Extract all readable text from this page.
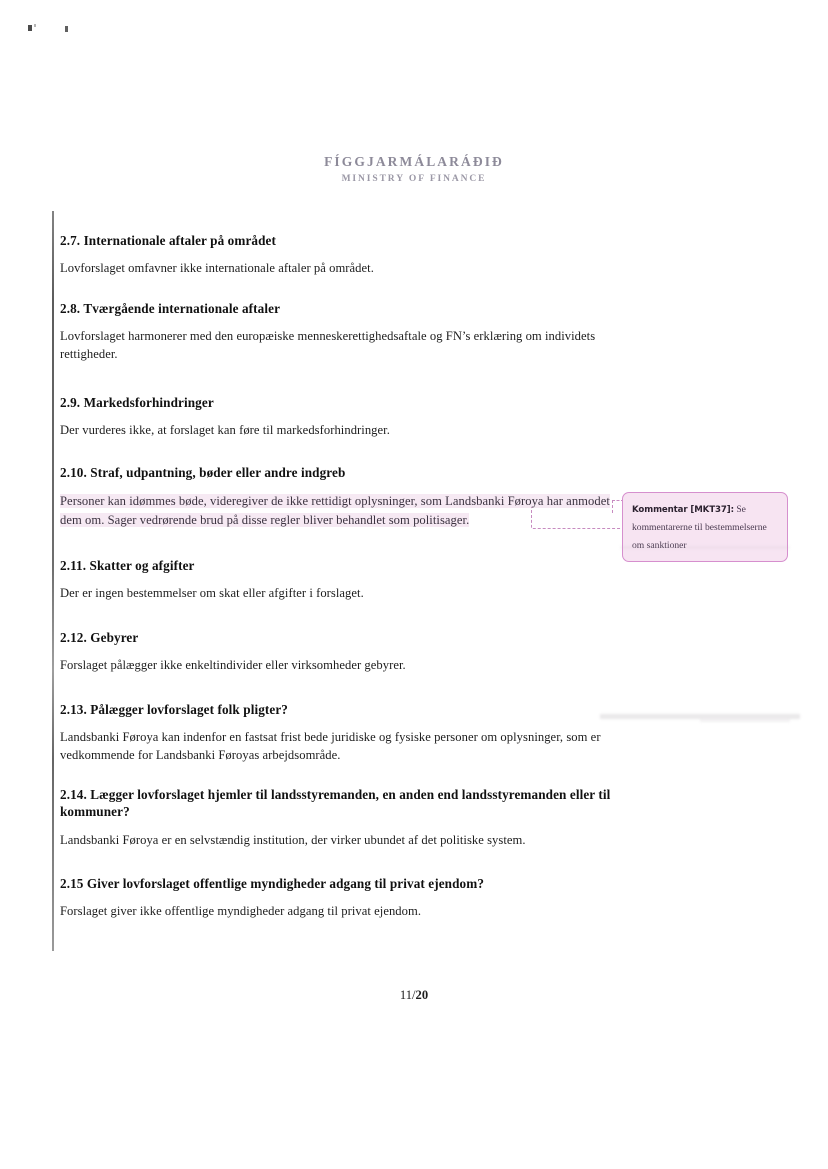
FÍGGJARMÁLARÁÐIÐ
MINISTRY OF FINANCE
2.7. Internationale aftaler på området

Lovforslaget omfavner ikke internationale aftaler på området.

2.8. Tværgående internationale aftaler

Lovforslaget harmonerer med den europæiske menneskerettighedsaftale og FN’s erklæring om individets rettigheder.

2.9. Markedsforhindringer

Der vurderes ikke, at forslaget kan føre til markedsforhindringer.

2.10. Straf, udpantning, bøder eller andre indgreb

Personer kan idømmes bøde, videregiver de ikke rettidigt oplysninger, som Landsbanki Føroya har anmodet dem om. Sager vedrørende brud på disse regler bliver behandlet som politisager.

2.11. Skatter og afgifter

Der er ingen bestemmelser om skat eller afgifter i forslaget.

2.12. Gebyrer

Forslaget pålægger ikke enkeltindivider eller virksomheder gebyrer.

2.13. Pålægger lovforslaget folk pligter?

Landsbanki Føroya kan indenfor en fastsat frist bede juridiske og fysiske personer om oplysninger, som er vedkommende for Landsbanki Føroyas arbejdsområde.

2.14. Lægger lovforslaget hjemler til landsstyremanden, en anden end landsstyremanden eller til kommuner?

Landsbanki Føroya er en selvstændig institution, der virker ubundet af det politiske system.

2.15 Giver lovforslaget offentlige myndigheder adgang til privat ejendom?

Forslaget giver ikke offentlige myndigheder adgang til privat ejendom.

Kommentar [MKT37]: Se kommentarerne til bestemmelserne om sanktioner
11/20
